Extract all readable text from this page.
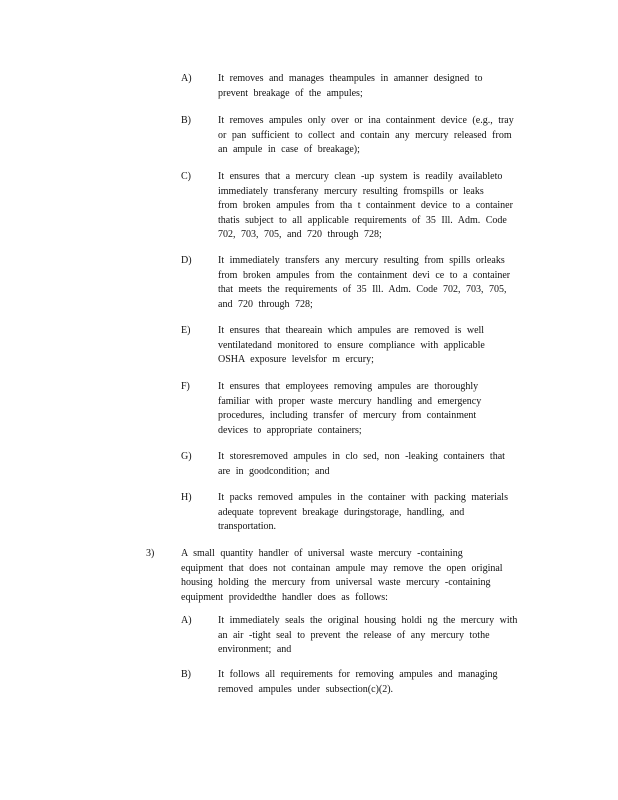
A)	It removes and manages theampules in amanner designed to
prevent breakage of the ampules;
B)	It removes ampules only over or ina containment device (e.g., tray
or pan sufficient to collect and contain any mercury released from
an ampule in case of breakage);
C)	It ensures that a mercury clean -up system is readily availableto
immediately transferany mercury resulting fromspills or leaks
from broken ampules from tha t containment device to a container
thatis subject to all applicable requirements of 35 Ill. Adm. Code
702, 703, 705, and 720 through 728;
D)	It immediately transfers any mercury resulting from spills orleaks
from broken ampules from the containment devi ce to a container
that meets the requirements of 35 Ill. Adm. Code 702, 703, 705,
and 720 through 728;
E)	It ensures that theareain which ampules are removed is well
ventilatedand monitored to ensure compliance with applicable
OSHA exposure levelsfor m ercury;
F)	It ensures that employees removing ampules are thoroughly
familiar with proper waste mercury handling and emergency
procedures, including transfer of mercury from containment
devices to appropriate containers;
G)	It storesremoved ampules in clo sed, non -leaking containers that
are in goodcondition; and
H)	It packs removed ampules in the container with packing materials
adequate toprevent breakage duringstorage, handling, and
transportation.
3)	A small quantity handler of universal waste mercury -containing
equipment that does not containan ampule may remove the open original
housing holding the mercury from universal waste mercury -containing
equipment providedthe handler does as follows:
A)	It immediately seals the original housing holdi ng the mercury with
an air -tight seal to prevent the release of any mercury tothe
environment; and
B)	It follows all requirements for removing ampules and managing
removed ampules under subsection(c)(2).
